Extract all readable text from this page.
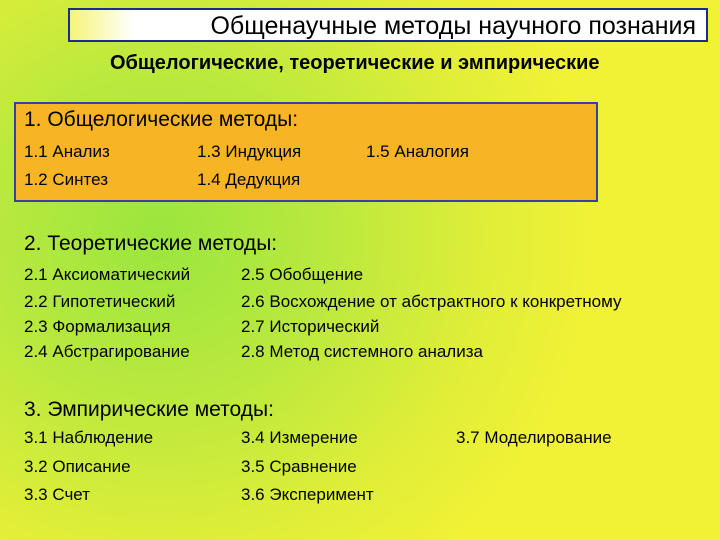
Общенаучные методы научного познания
Общелогические, теоретические и эмпирические
1. Общелогические методы:
1.1 Анализ
1.2 Синтез
1.3 Индукция
1.4 Дедукция
1.5 Аналогия
2. Теоретические методы:
2.1 Аксиоматический
2.2 Гипотетический
2.3 Формализация
2.4 Абстрагирование
2.5 Обобщение
2.6 Восхождение от абстрактного к конкретному
2.7 Исторический
2.8 Метод системного анализа
3. Эмпирические методы:
3.1 Наблюдение
3.2 Описание
3.3 Счет
3.4 Измерение
3.5 Сравнение
3.6 Эксперимент
3.7 Моделирование
